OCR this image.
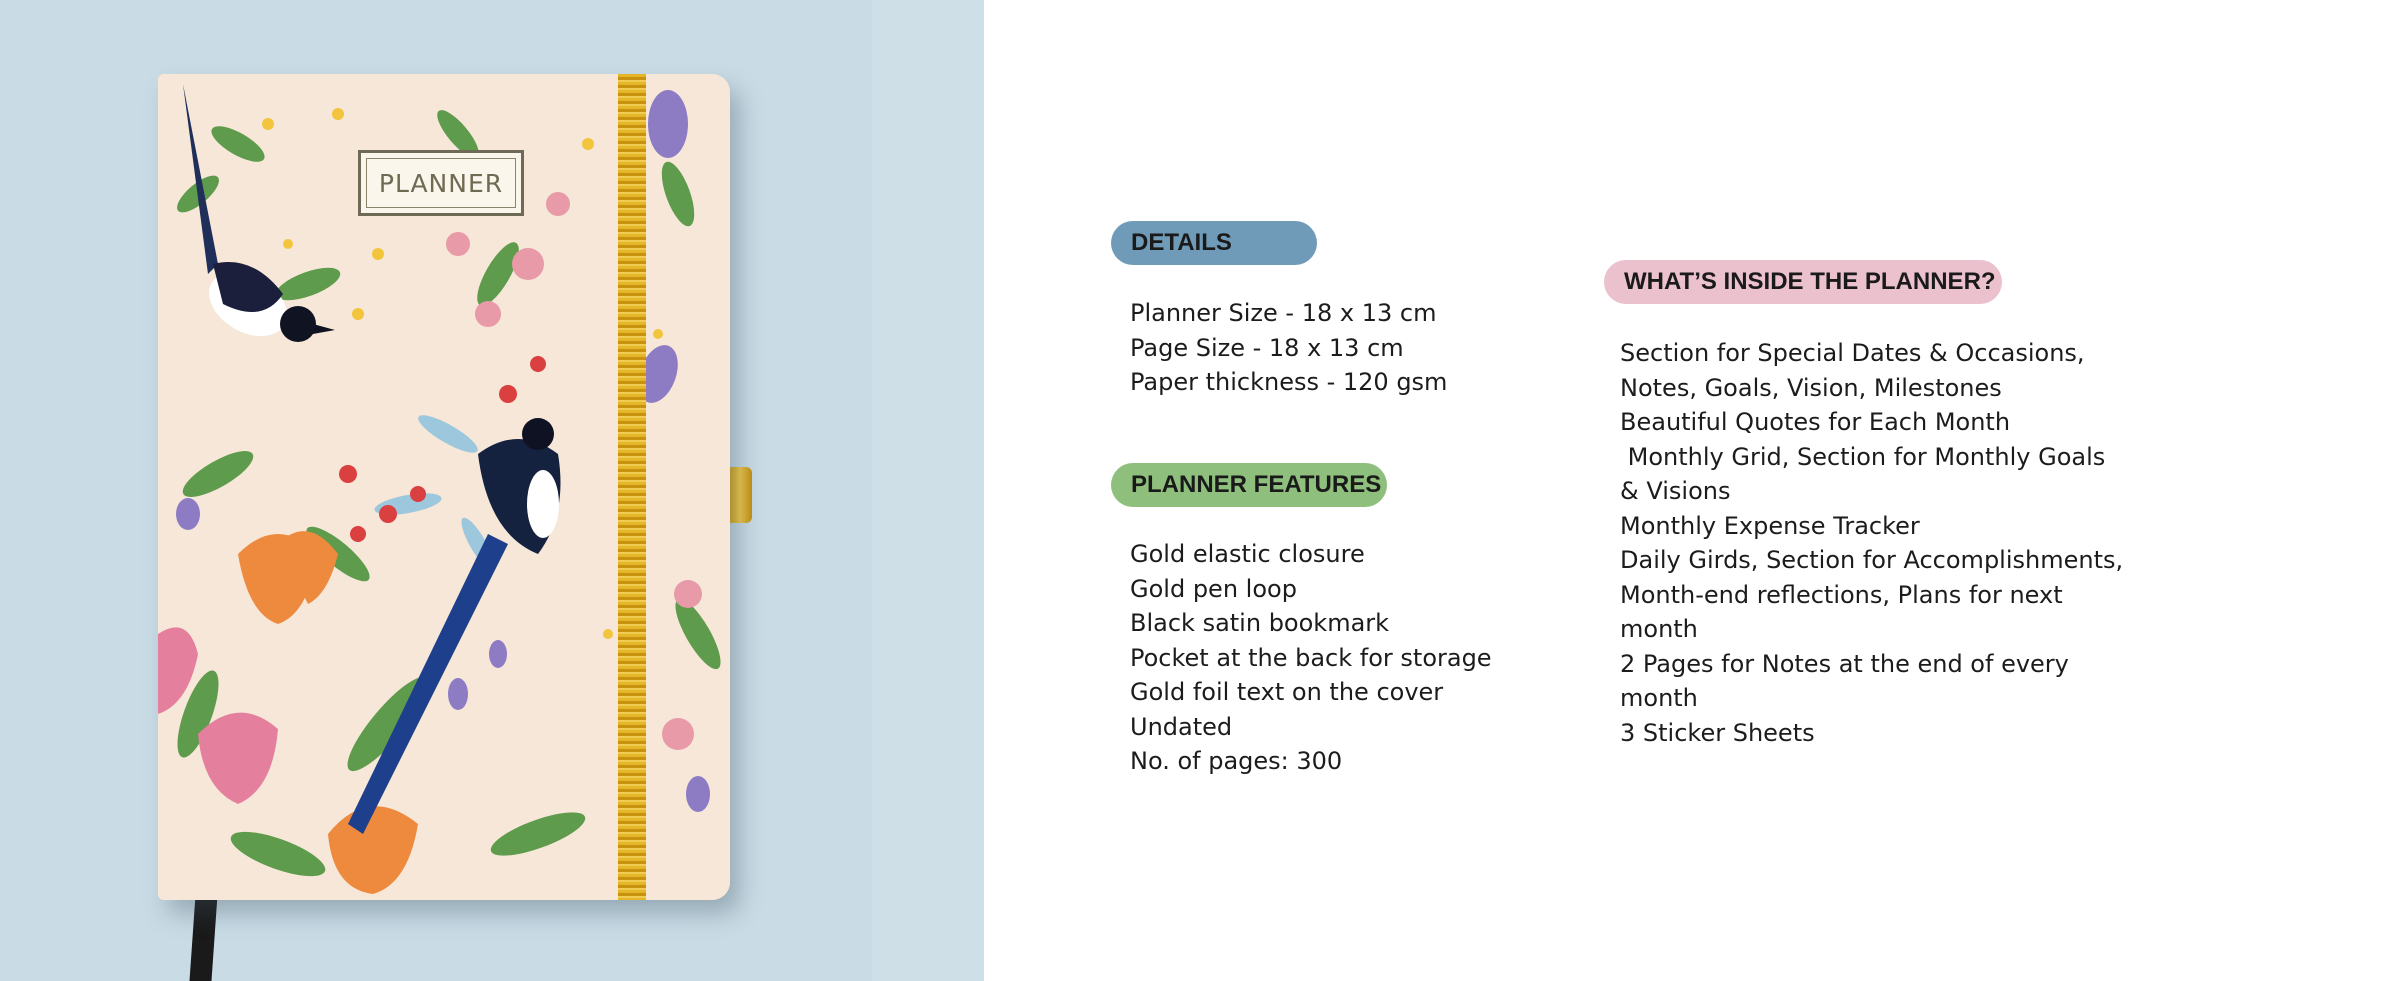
PLANNER
DETAILS
Planner Size - 18 x 13 cm
Page Size - 18 x 13 cm
Paper thickness - 120 gsm
PLANNER FEATURES
Gold elastic closure
Gold pen loop
Black satin bookmark
Pocket at the back for storage
Gold foil text on the cover
Undated
No. of pages: 300
WHAT’S INSIDE THE PLANNER?
Section for Special Dates & Occasions,
Notes, Goals, Vision, Milestones
Beautiful Quotes for Each Month
Monthly Grid, Section for Monthly Goals
& Visions
Monthly Expense Tracker
Daily Girds, Section for Accomplishments,
Month-end reflections, Plans for next
month
2 Pages for Notes at the end of every
month
3 Sticker Sheets
